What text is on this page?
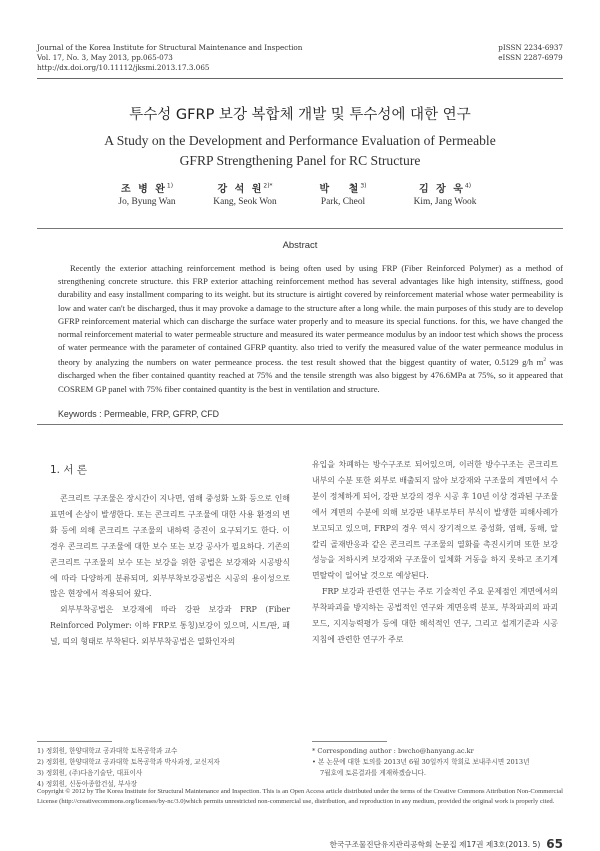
Journal of the Korea Institute for Structural Maintenance and Inspection
Vol. 17, No. 3, May 2013, pp.065-073
http://dx.doi.org/10.11112/jksmi.2013.17.3.065
pISSN 2234-6937
eISSN 2287-6979
투수성 GFRP 보강 복합체 개발 및 투수성에 대한 연구
A Study on the Development and Performance Evaluation of Permeable
GFRP Strengthening Panel for RC Structure
조 병 완$^{1)}$
Jo, Byung Wan
강 석 원$^{2)*}$
Kang, Seok Won
박 철$^{3)}$
Park, Cheol
김 장 욱$^{4)}$
Kim, Jang Wook
Abstract
Recently the exterior attaching reinforcement method is being often used by using FRP (Fiber Reinforced Polymer) as a method of strengthening concrete structure. this FRP exterior attaching reinforcement method has several advantages like high intensity, stiffness, good durability and easy installment comparing to its weight. but its structure is airtight covered by reinforcement material whose water permeability is low and water can't be discharged, thus it may provoke a damage to the structure after a long while. the main purposes of this study are to develop GFRP reinforcement material which can discharge the surface water properly and to measure its special functions. for this, we have changed the normal reinforcement material to water permeable structure and measured its water permeance modulus by an indoor test which shows the process of water permeance with the parameter of contained GFRP quantity. also tried to verify the measured value of the water permeance modulus in theory by analyzing the numbers on water permeance process. the test result showed that the biggest quantity of water, 0.5129 g/h $m^2$ was discharged when the fiber contained quantity reached at 75% and the tensile strength was also biggest by 476.6MPa at 75%, so it appeared that COSREM GP panel with 75% fiber contained quantity is the best in ventilation and structure.
Keywords : Permeable, FRP, GFRP, CFD
1. 서 론

콘크리트 구조물은 장시간이 지나면, 염해 중성화 노화 등으로 인해 표면에 손상이 발생한다. 또는 콘크리트 구조물에 대한 사용 환경의 변화 등에 의해 콘크리트 구조물의 내하력 증진이 요구되기도 한다. 이 경우 콘크리트 구조물에 대한 보수 또는 보강 공사가 필요하다. 기존의 콘크리트 구조물의 보수 또는 보강을 위한 공법은 보강재와 시공방식에 따라 다양하게 분류되며, 외부부착보강공법은 시공의 용이성으로 많은 현장에서 적용되어 왔다.

외부부착공법은 보강재에 따라 강판 보강과 FRP (Fiber Reinforced Polymer: 이하 FRP로 통칭)보강이 있으며, 시트/판, 패널, 띠의 형태로 부착된다. 외부부착공법은 열화인자의

유입을 차폐하는 방수구조로 되어있으며, 이러한 방수구조는 콘크리트 내부의 수분 또한 외부로 배출되지 않아 보강재와 구조물의 계면에서 수분이 정체하게 되어, 강판 보강의 경우 시공 후 10년 이상 경과된 구조물에서 계면의 수분에 의해 보강판 내부로부터 부식이 발생한 피해사례가 보고되고 있으며, FRP의 경우 역시 장기적으로 중성화, 염해, 동해, 알칼리 골재반응과 같은 콘크리트 구조물의 열화를 촉진시키며 또한 보강성능을 저하시켜 보강재와 구조물이 일체화 거동을 하지 못하고 조기계면탈락이 일어날 것으로 예상된다.

FRP 보강과 관련한 연구는 주로 기술적인 주요 문제점인 계면에서의 부착파괴를 방지하는 공법적인 연구와 계면응력 분포, 부착파괴의 파괴모드, 지지능력평가 등에 대한 해석적인 연구, 그리고 설계기준과 시공지침에 관련한 연구가 주로

1) 정회원, 한양대학교 공과대학 토목공학과 교수
2) 정회원, 한양대학교 공과대학 토목공학과 박사과정, 교신저자
3) 정회원, (주)다음기술단, 대표이사
4) 정회원, 신동아종합건설, 부사장
* Corresponding author : bwcho@hanyang.ac.kr
• 본 논문에 대한 토의를 2013년 6월 30일까지 학회로 보내주시면 2013년
7월호에 토론결과를 게재하겠습니다.
Copyright © 2012 by The Korea Institute for Structural Maintenance and Inspection. This is an Open Access article distributed under the terms of the Creative Commons Attribution Non-Commercial License (http://creativecommons.org/licenses/by-nc/3.0)which permits unrestricted non-commercial use, distribution, and reproduction in any medium, provided the original work is properly cited.
한국구조물진단유지관리공학회 논문집 제17권 제3호(2013. 5) 65
